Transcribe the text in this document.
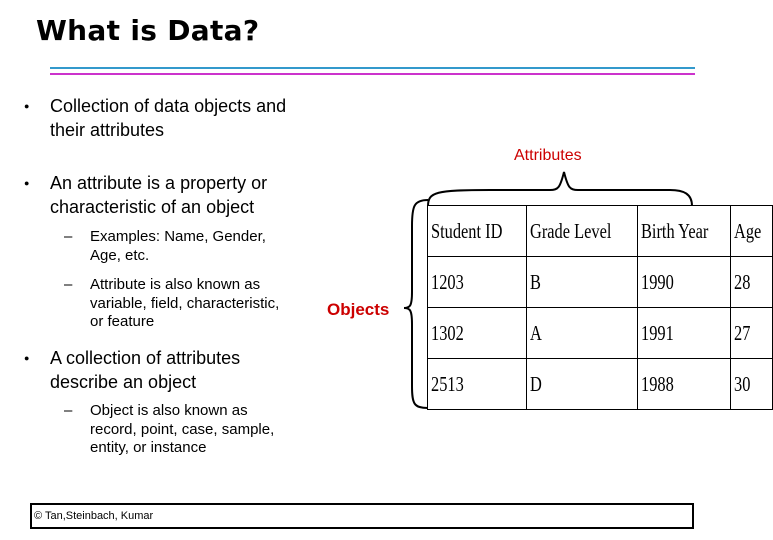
What is Data?
● Collection of data objects and
their attributes
● An attribute is a property or
characteristic of an object
– Examples: Name, Gender,
Age, etc.
– Attribute is also known as
variable, field, characteristic,
or feature
● A collection of attributes
describe an object
– Object is also known as
record, point, case, sample,
entity, or instance
Attributes
Objects
Student ID	Grade Level	Birth Year	Age
1203	B	1990	28
1302	A	1991	27
2513	D	1988	30
© Tan,Steinbach, Kumar
